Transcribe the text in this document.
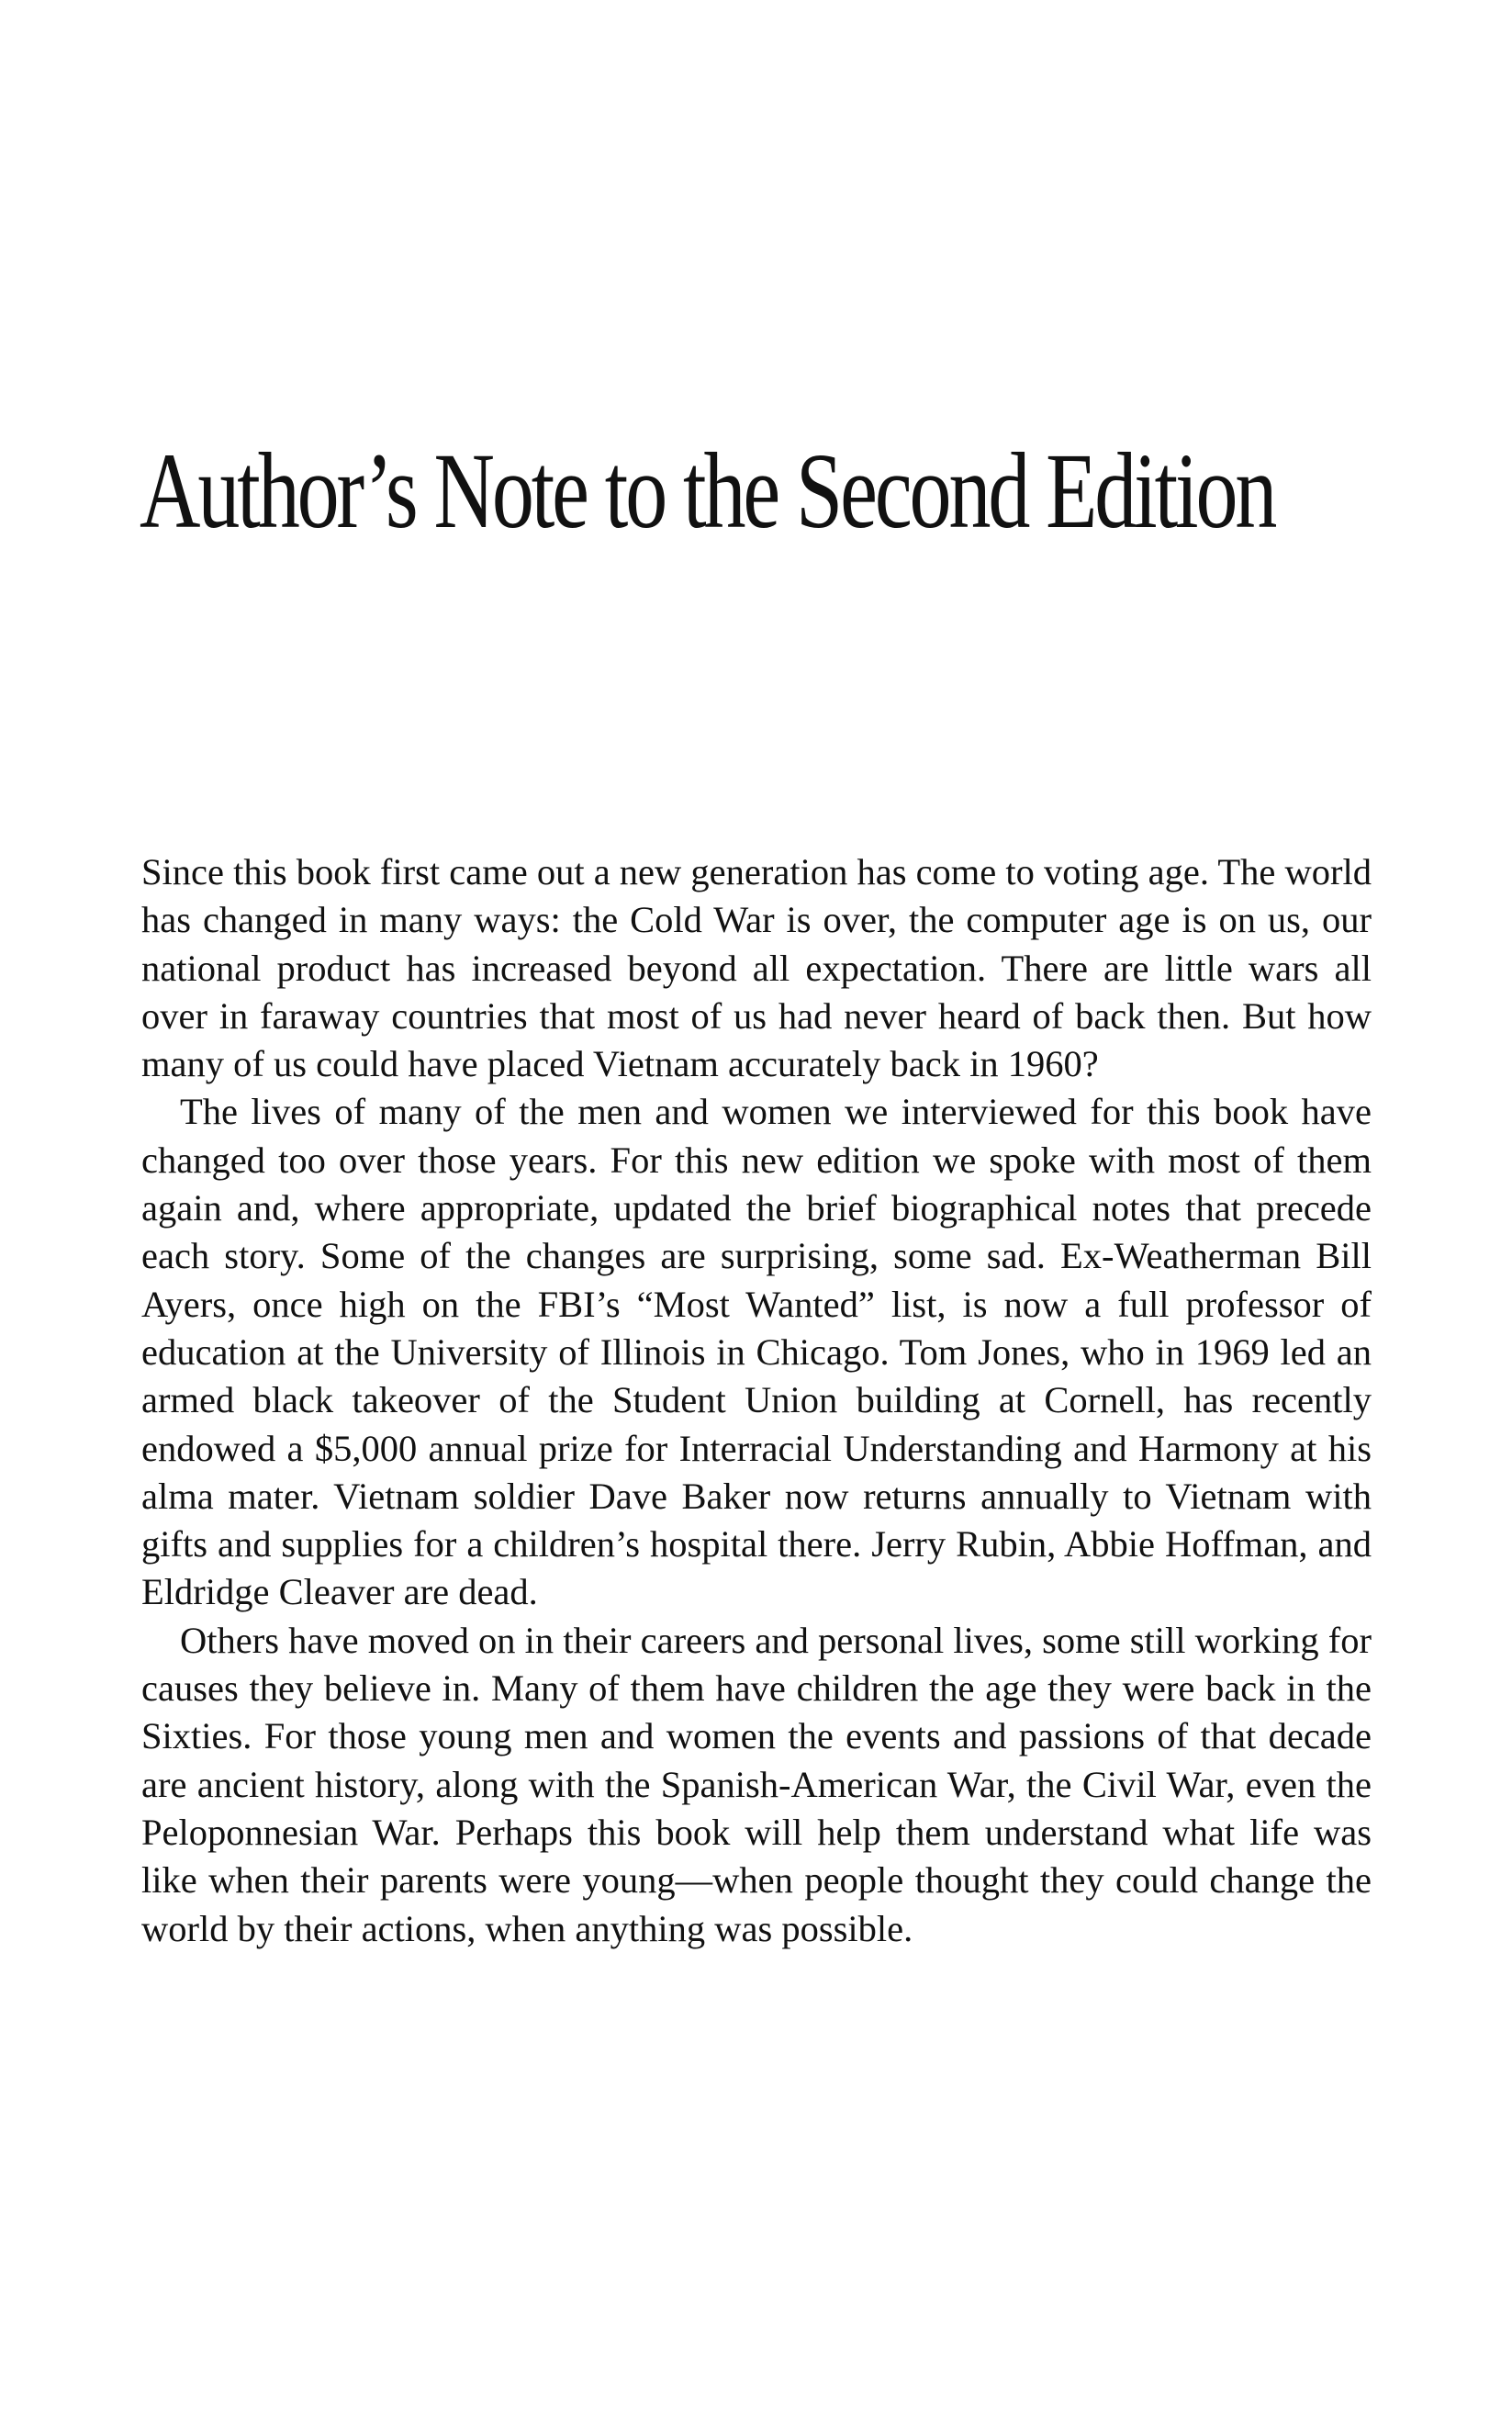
Author’s Note to the Second Edition

Since this book first came out a new generation has come to voting age. The world has changed in many ways: the Cold War is over, the computer age is on us, our national product has increased beyond all expectation. There are little wars all over in faraway countries that most of us had never heard of back then. But how many of us could have placed Vietnam accurately back in 1960?

The lives of many of the men and women we interviewed for this book have changed too over those years. For this new edition we spoke with most of them again and, where appropriate, updated the brief biographical notes that precede each story. Some of the changes are surprising, some sad. Ex-Weatherman Bill Ayers, once high on the FBI’s “Most Wanted” list, is now a full professor of education at the University of Illinois in Chicago. Tom Jones, who in 1969 led an armed black takeover of the Student Union building at Cornell, has recently endowed a $5,000 annual prize for Interracial Understanding and Harmony at his alma mater. Vietnam soldier Dave Baker now returns annually to Vietnam with gifts and supplies for a children’s hospital there. Jerry Rubin, Abbie Hoffman, and Eldridge Cleaver are dead.

Others have moved on in their careers and personal lives, some still working for causes they believe in. Many of them have children the age they were back in the Sixties. For those young men and women the events and passions of that decade are ancient history, along with the Spanish-American War, the Civil War, even the Peloponnesian War. Perhaps this book will help them understand what life was like when their parents were young—when people thought they could change the world by their actions, when anything was possible.
